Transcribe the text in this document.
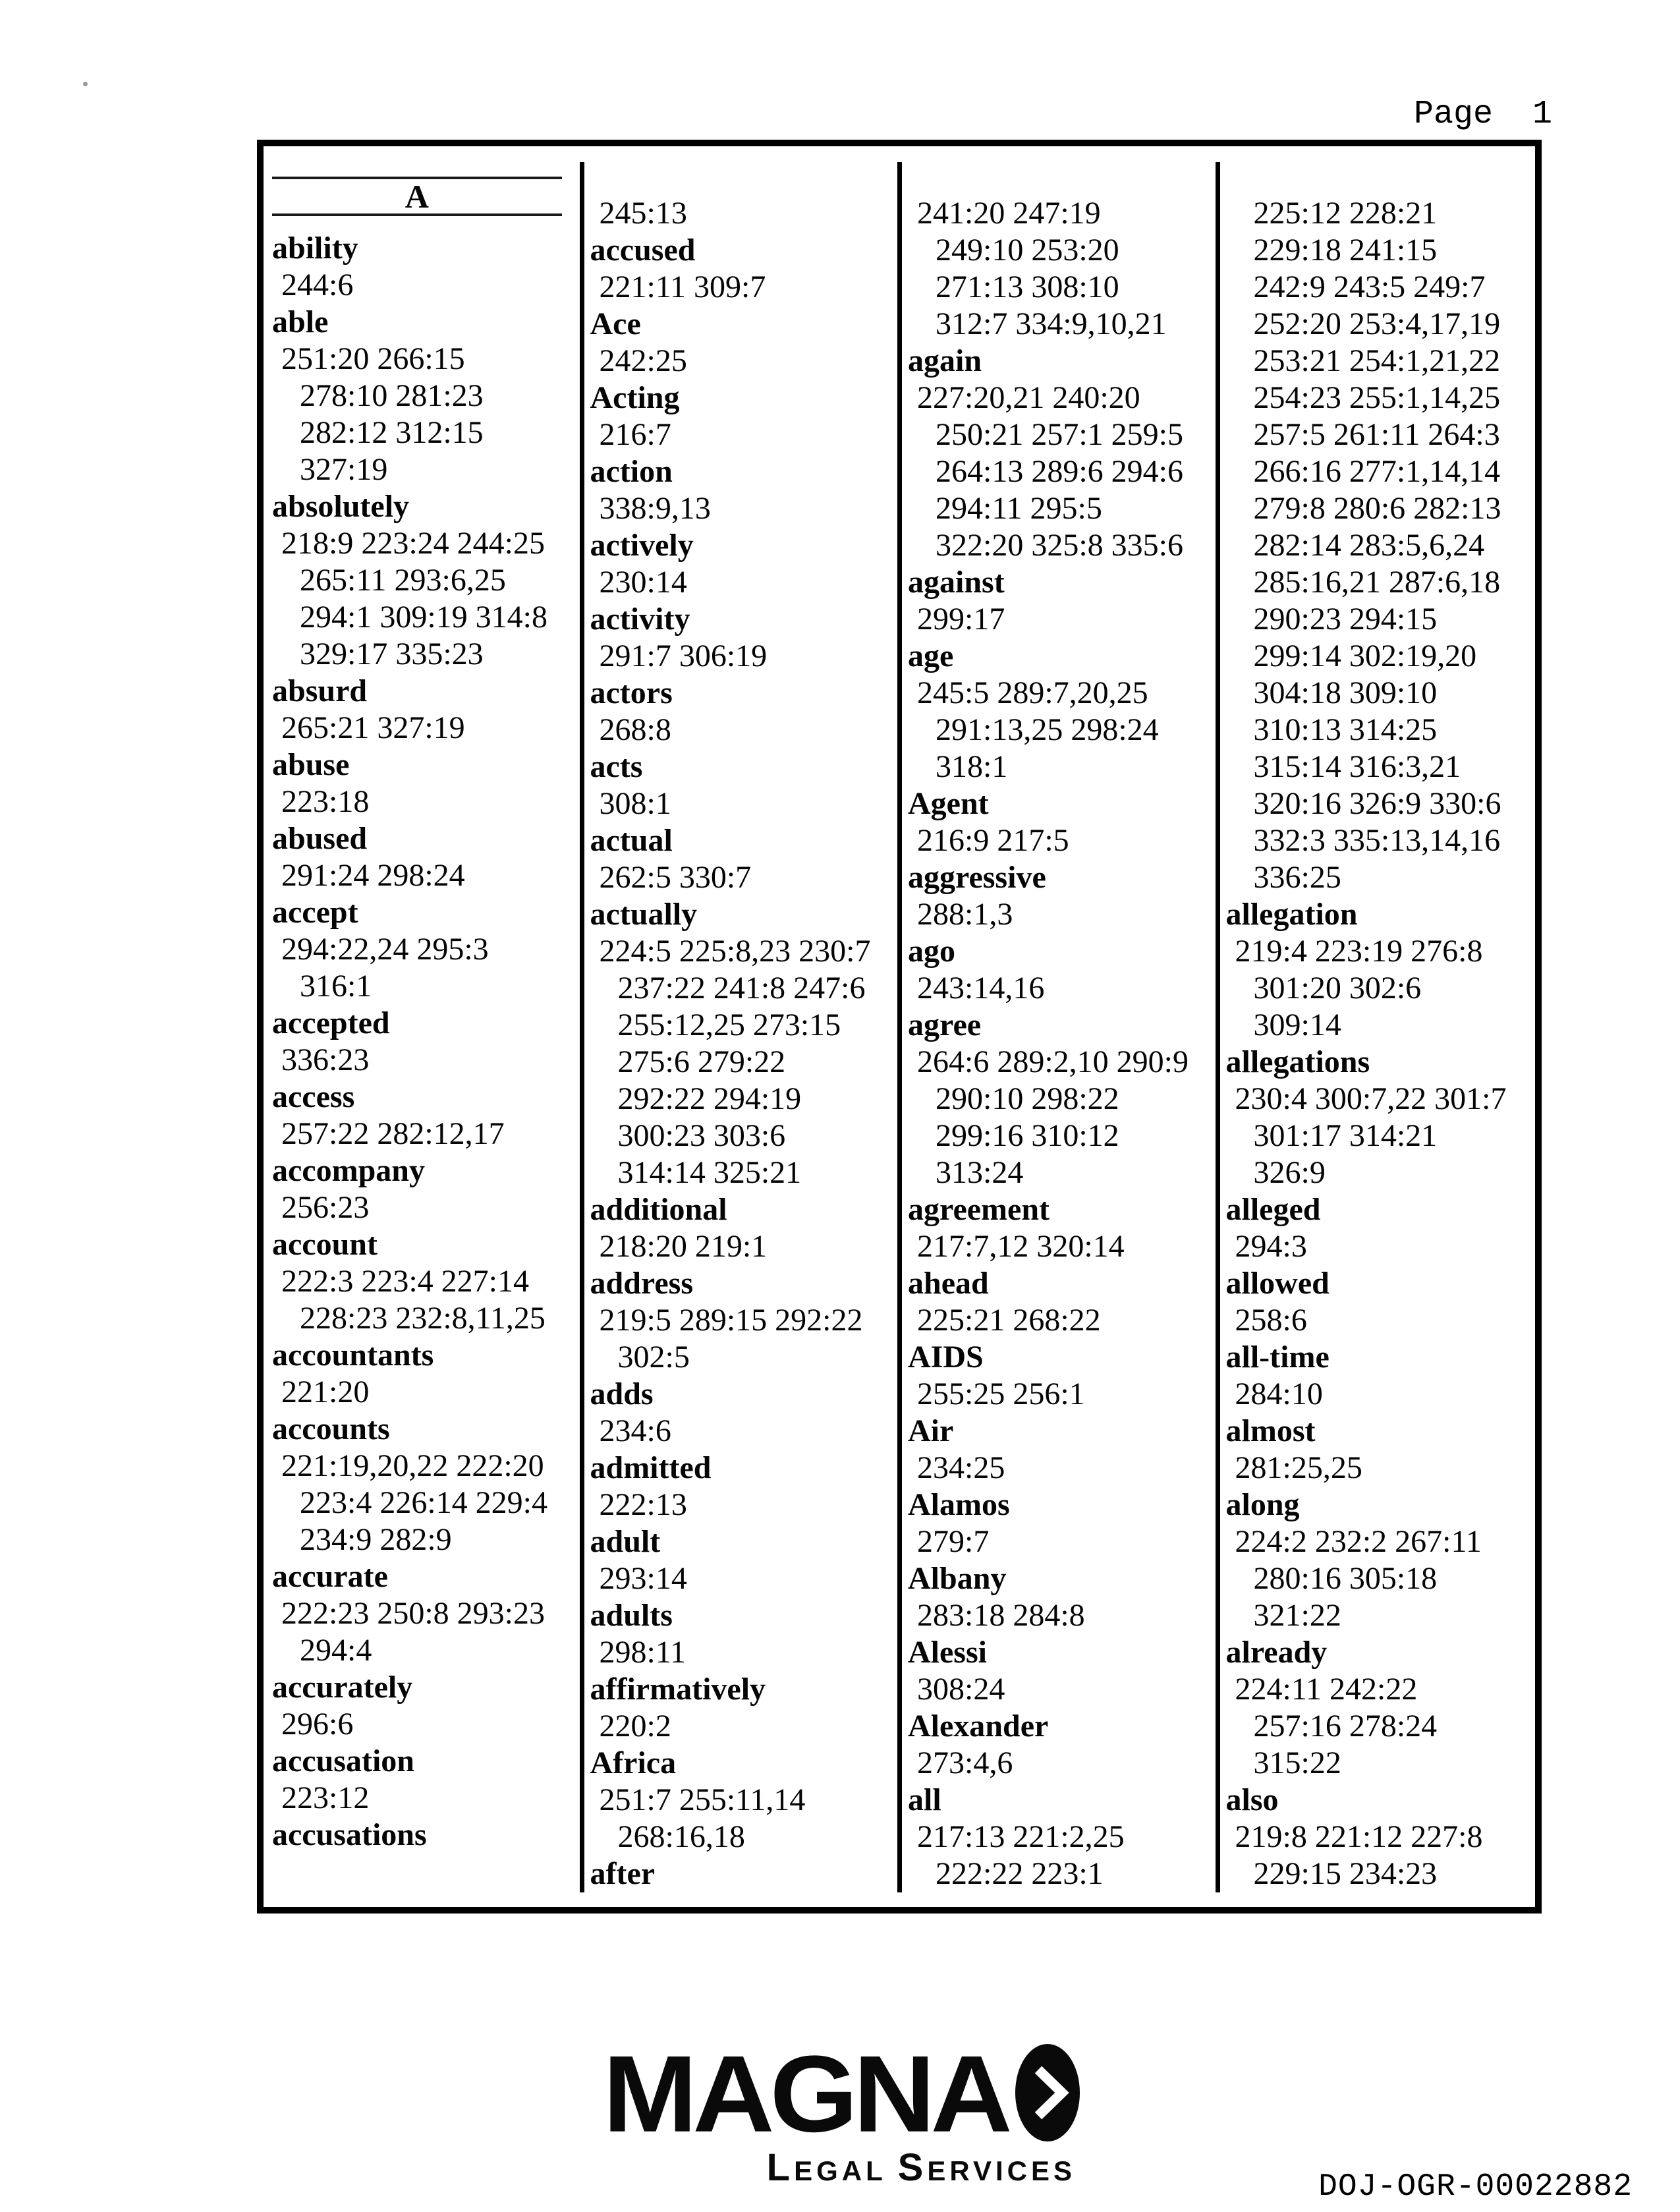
Page  1
A
ability
244:6
able
251:20 266:15
278:10 281:23
282:12 312:15
327:19
absolutely
218:9 223:24 244:25
265:11 293:6,25
294:1 309:19 314:8
329:17 335:23
absurd
265:21 327:19
abuse
223:18
abused
291:24 298:24
accept
294:22,24 295:3
316:1
accepted
336:23
access
257:22 282:12,17
accompany
256:23
account
222:3 223:4 227:14
228:23 232:8,11,25
accountants
221:20
accounts
221:19,20,22 222:20
223:4 226:14 229:4
234:9 282:9
accurate
222:23 250:8 293:23
294:4
accurately
296:6
accusation
223:12
accusations
245:13
accused
221:11 309:7
Ace
242:25
Acting
216:7
action
338:9,13
actively
230:14
activity
291:7 306:19
actors
268:8
acts
308:1
actual
262:5 330:7
actually
224:5 225:8,23 230:7
237:22 241:8 247:6
255:12,25 273:15
275:6 279:22
292:22 294:19
300:23 303:6
314:14 325:21
additional
218:20 219:1
address
219:5 289:15 292:22
302:5
adds
234:6
admitted
222:13
adult
293:14
adults
298:11
affirmatively
220:2
Africa
251:7 255:11,14
268:16,18
after
241:20 247:19
249:10 253:20
271:13 308:10
312:7 334:9,10,21
again
227:20,21 240:20
250:21 257:1 259:5
264:13 289:6 294:6
294:11 295:5
322:20 325:8 335:6
against
299:17
age
245:5 289:7,20,25
291:13,25 298:24
318:1
Agent
216:9 217:5
aggressive
288:1,3
ago
243:14,16
agree
264:6 289:2,10 290:9
290:10 298:22
299:16 310:12
313:24
agreement
217:7,12 320:14
ahead
225:21 268:22
AIDS
255:25 256:1
Air
234:25
Alamos
279:7
Albany
283:18 284:8
Alessi
308:24
Alexander
273:4,6
all
217:13 221:2,25
222:22 223:1
225:12 228:21
229:18 241:15
242:9 243:5 249:7
252:20 253:4,17,19
253:21 254:1,21,22
254:23 255:1,14,25
257:5 261:11 264:3
266:16 277:1,14,14
279:8 280:6 282:13
282:14 283:5,6,24
285:16,21 287:6,18
290:23 294:15
299:14 302:19,20
304:18 309:10
310:13 314:25
315:14 316:3,21
320:16 326:9 330:6
332:3 335:13,14,16
336:25
allegation
219:4 223:19 276:8
301:20 302:6
309:14
allegations
230:4 300:7,22 301:7
301:17 314:21
326:9
alleged
294:3
allowed
258:6
all-time
284:10
almost
281:25,25
along
224:2 232:2 267:11
280:16 305:18
321:22
already
224:11 242:22
257:16 278:24
315:22
also
219:8 221:12 227:8
229:15 234:23
MAGNA
LEGAL SERVICES	DOJ-OGR-00022882
